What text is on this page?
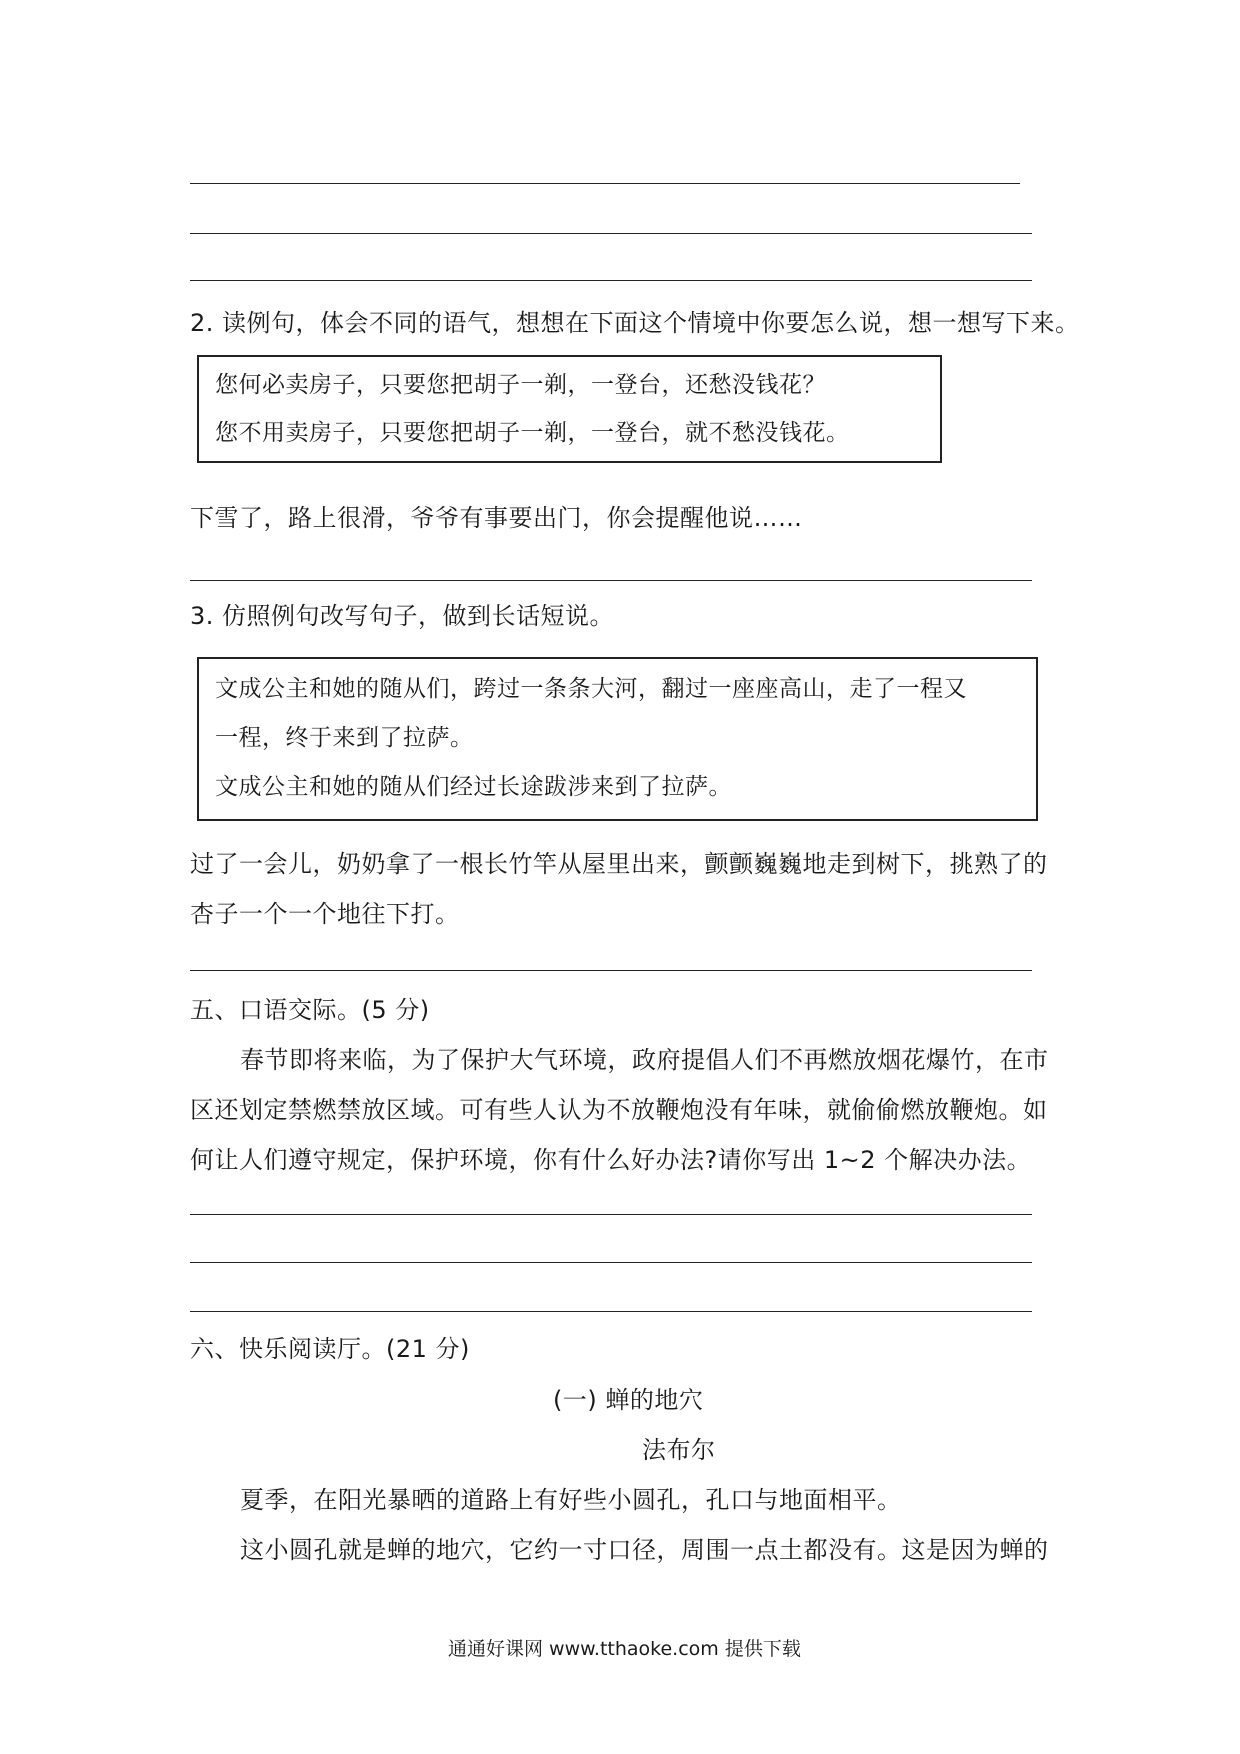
2. 读例句，体会不同的语气，想想在下面这个情境中你要怎么说，想一想写下来。
您何必卖房子，只要您把胡子一剃，一登台，还愁没钱花？
您不用卖房子，只要您把胡子一剃，一登台，就不愁没钱花。
下雪了，路上很滑，爷爷有事要出门，你会提醒他说……
3. 仿照例句改写句子，做到长话短说。
文成公主和她的随从们，跨过一条条大河，翻过一座座高山，走了一程又
一程，终于来到了拉萨。
文成公主和她的随从们经过长途跋涉来到了拉萨。
过了一会儿，奶奶拿了一根长竹竿从屋里出来，颤颤巍巍地走到树下，挑熟了的
杏子一个一个地往下打。
五、口语交际。(5 分)
春节即将来临，为了保护大气环境，政府提倡人们不再燃放烟花爆竹，在市
区还划定禁燃禁放区域。可有些人认为不放鞭炮没有年味，就偷偷燃放鞭炮。如
何让人们遵守规定，保护环境，你有什么好办法?请你写出 1~2 个解决办法。
六、快乐阅读厅。(21 分)
(一) 蝉的地穴
法布尔
夏季，在阳光暴晒的道路上有好些小圆孔，孔口与地面相平。
这小圆孔就是蝉的地穴，它约一寸口径，周围一点土都没有。这是因为蝉的
通通好课网 www.tthaoke.com 提供下载
